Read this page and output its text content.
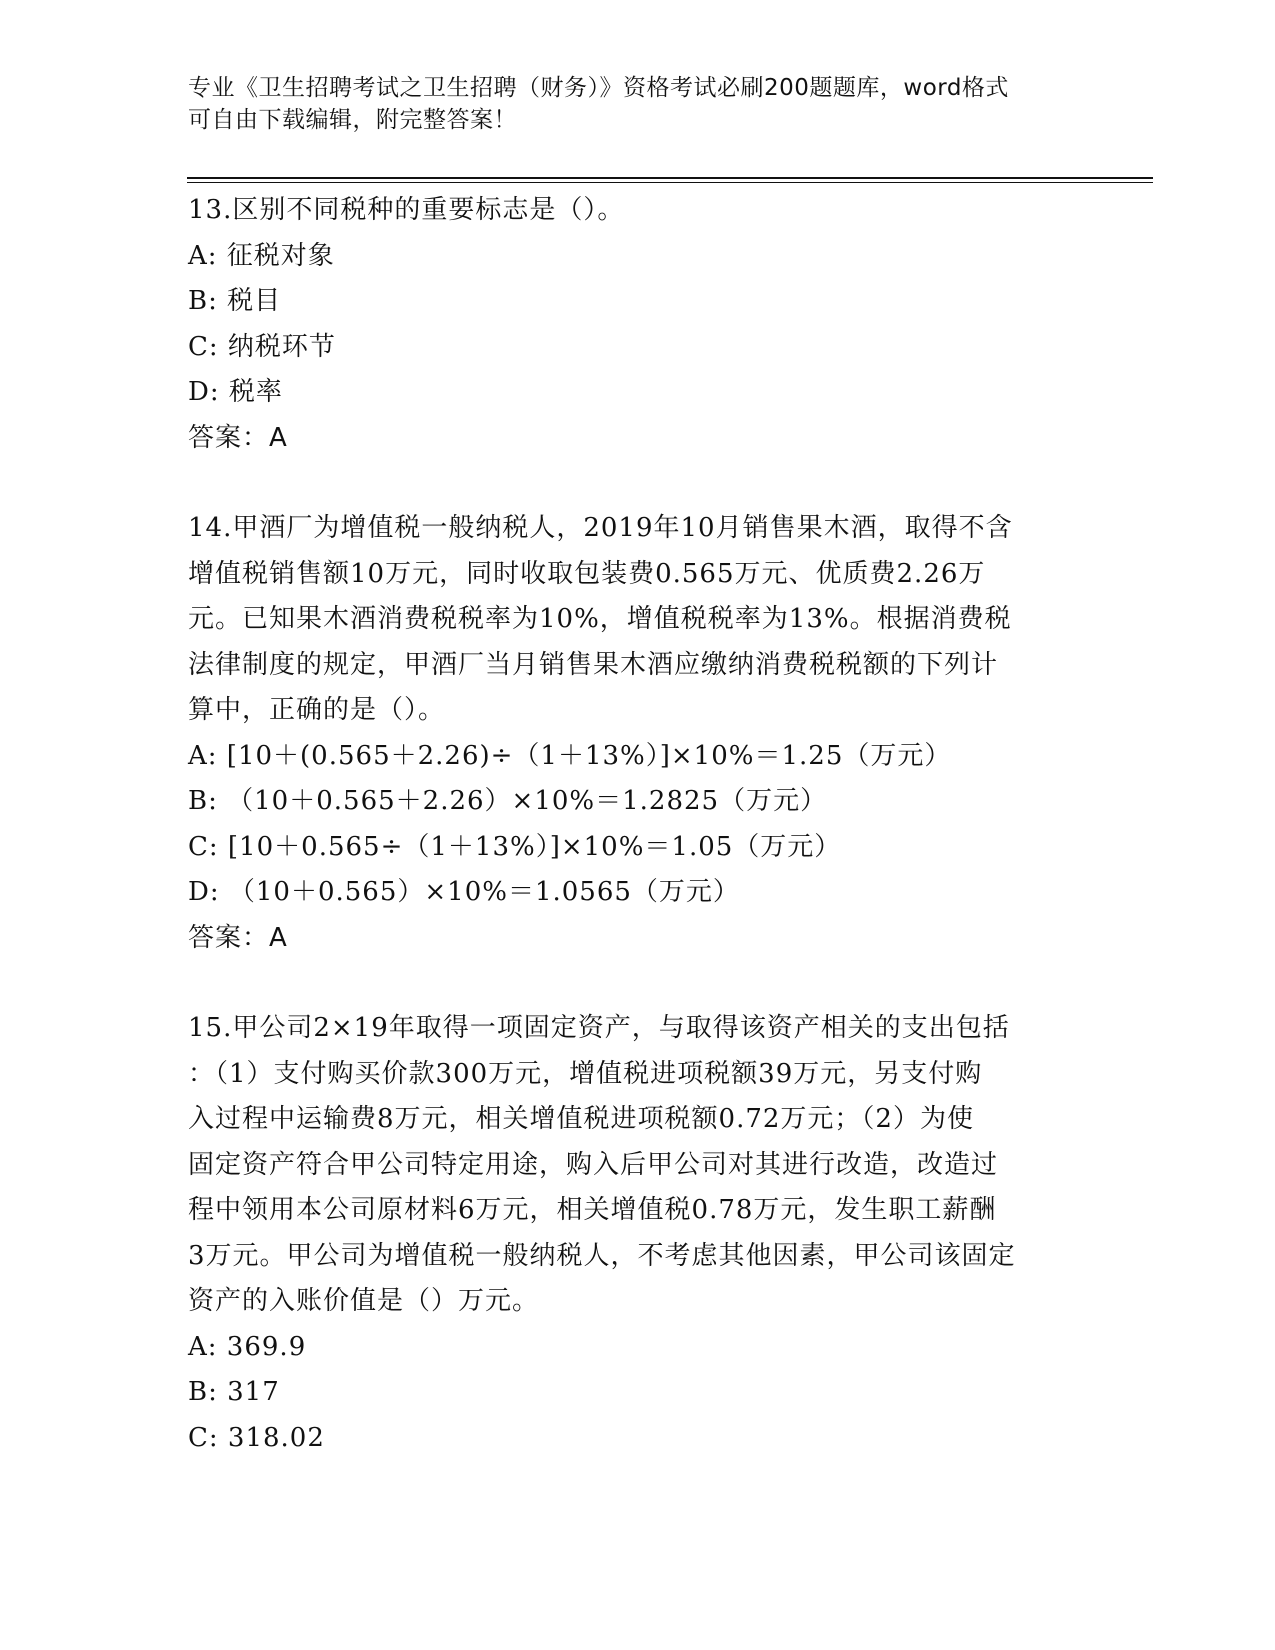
专业《卫生招聘考试之卫生招聘（财务）》资格考试必刷200题题库，word格式
可自由下载编辑，附完整答案！
13.区别不同税种的重要标志是（）。
A: 征税对象
B: 税目
C: 纳税环节
D: 税率
答案：A
14.甲酒厂为增值税一般纳税人，2019年10月销售果木酒，取得不含
增值税销售额10万元，同时收取包装费0.565万元、优质费2.26万
元。已知果木酒消费税税率为10%，增值税税率为13%。根据消费税
法律制度的规定，甲酒厂当月销售果木酒应缴纳消费税税额的下列计
算中，正确的是（）。
A: [10＋(0.565＋2.26)÷（1＋13%）]×10%＝1.25（万元）
B: （10＋0.565＋2.26）×10%＝1.2825（万元）
C: [10＋0.565÷（1＋13%）]×10%＝1.05（万元）
D: （10＋0.565）×10%＝1.0565（万元）
答案：A
15.甲公司2×19年取得一项固定资产，与取得该资产相关的支出包括
：（1）支付购买价款300万元，增值税进项税额39万元，另支付购
入过程中运输费8万元，相关增值税进项税额0.72万元；（2）为使
固定资产符合甲公司特定用途，购入后甲公司对其进行改造，改造过
程中领用本公司原材料6万元，相关增值税0.78万元，发生职工薪酬
3万元。甲公司为增值税一般纳税人，不考虑其他因素，甲公司该固定
资产的入账价值是（）万元。
A: 369.9
B: 317
C: 318.02
